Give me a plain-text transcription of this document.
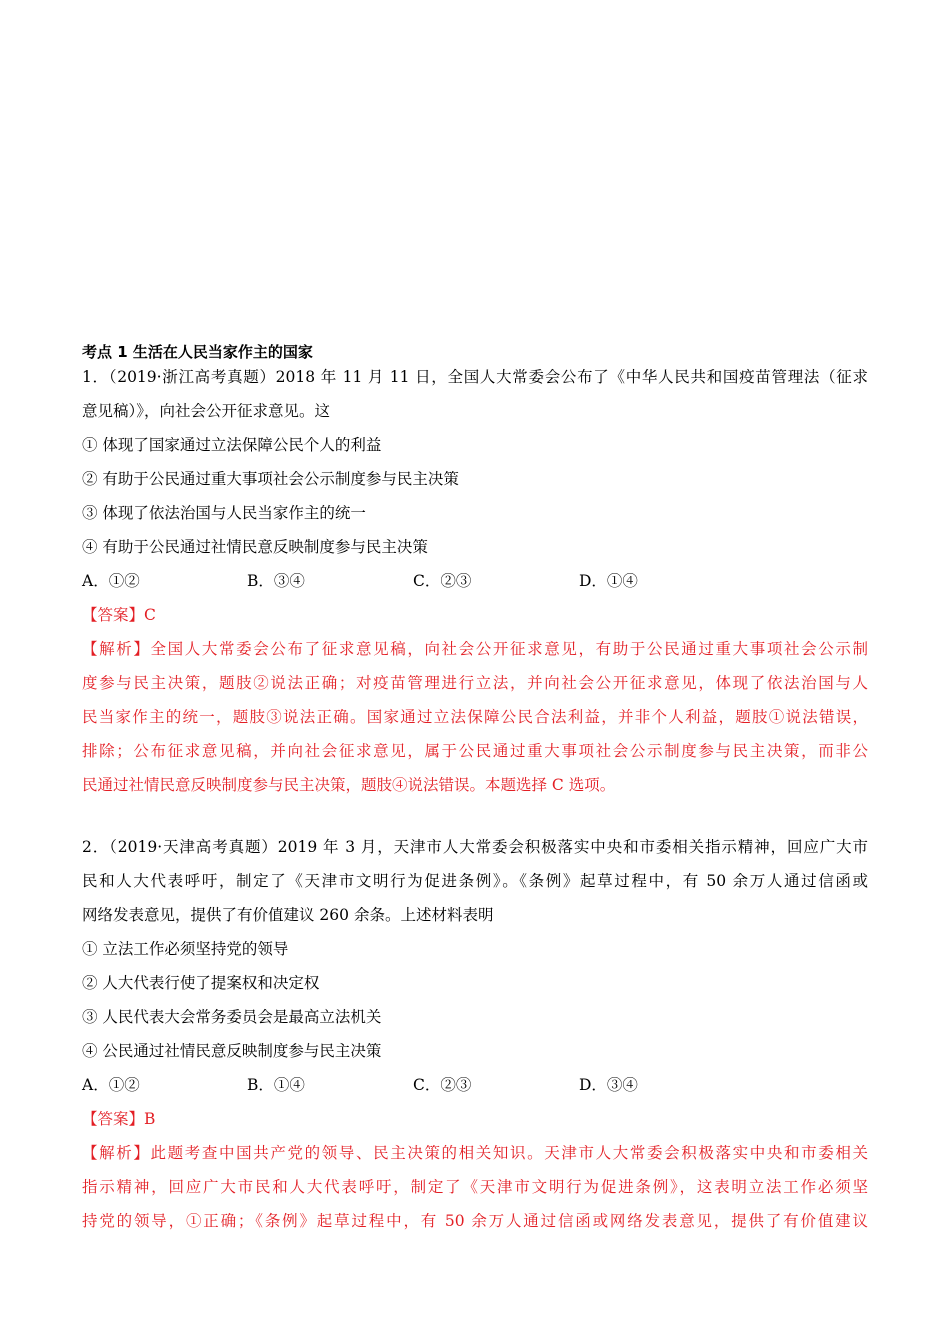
考点 1 生活在人民当家作主的国家
1．（2019·浙江高考真题）2018 年 11 月 11 日，全国人大常委会公布了《中华人民共和国疫苗管理法（征求
意见稿）》，向社会公开征求意见。这
① 体现了国家通过立法保障公民个人的利益
② 有助于公民通过重大事项社会公示制度参与民主决策
③ 体现了依法治国与人民当家作主的统一
④ 有助于公民通过社情民意反映制度参与民主决策
A．①②	B．③④	C．②③	D．①④
【答案】C
【解析】全国人大常委会公布了征求意见稿，向社会公开征求意见，有助于公民通过重大事项社会公示制
度参与民主决策，题肢②说法正确；对疫苗管理进行立法，并向社会公开征求意见，体现了依法治国与人
民当家作主的统一，题肢③说法正确。国家通过立法保障公民合法利益，并非个人利益，题肢①说法错误，
排除；公布征求意见稿，并向社会征求意见，属于公民通过重大事项社会公示制度参与民主决策，而非公
民通过社情民意反映制度参与民主决策，题肢④说法错误。本题选择 C 选项。
2．（2019·天津高考真题）2019 年 3 月，天津市人大常委会积极落实中央和市委相关指示精神，回应广大市
民和人大代表呼吁，制定了《天津市文明行为促进条例》。《条例》起草过程中，有 50 余万人通过信函或
网络发表意见，提供了有价值建议 260 余条。上述材料表明
① 立法工作必须坚持党的领导
② 人大代表行使了提案权和决定权
③ 人民代表大会常务委员会是最高立法机关
④ 公民通过社情民意反映制度参与民主决策
A．①②	B．①④	C．②③	D．③④
【答案】B
【解析】此题考查中国共产党的领导、民主决策的相关知识。天津市人大常委会积极落实中央和市委相关
指示精神，回应广大市民和人大代表呼吁，制定了《天津市文明行为促进条例》，这表明立法工作必须坚
持党的领导，①正确；《条例》起草过程中，有 50 余万人通过信函或网络发表意见，提供了有价值建议
